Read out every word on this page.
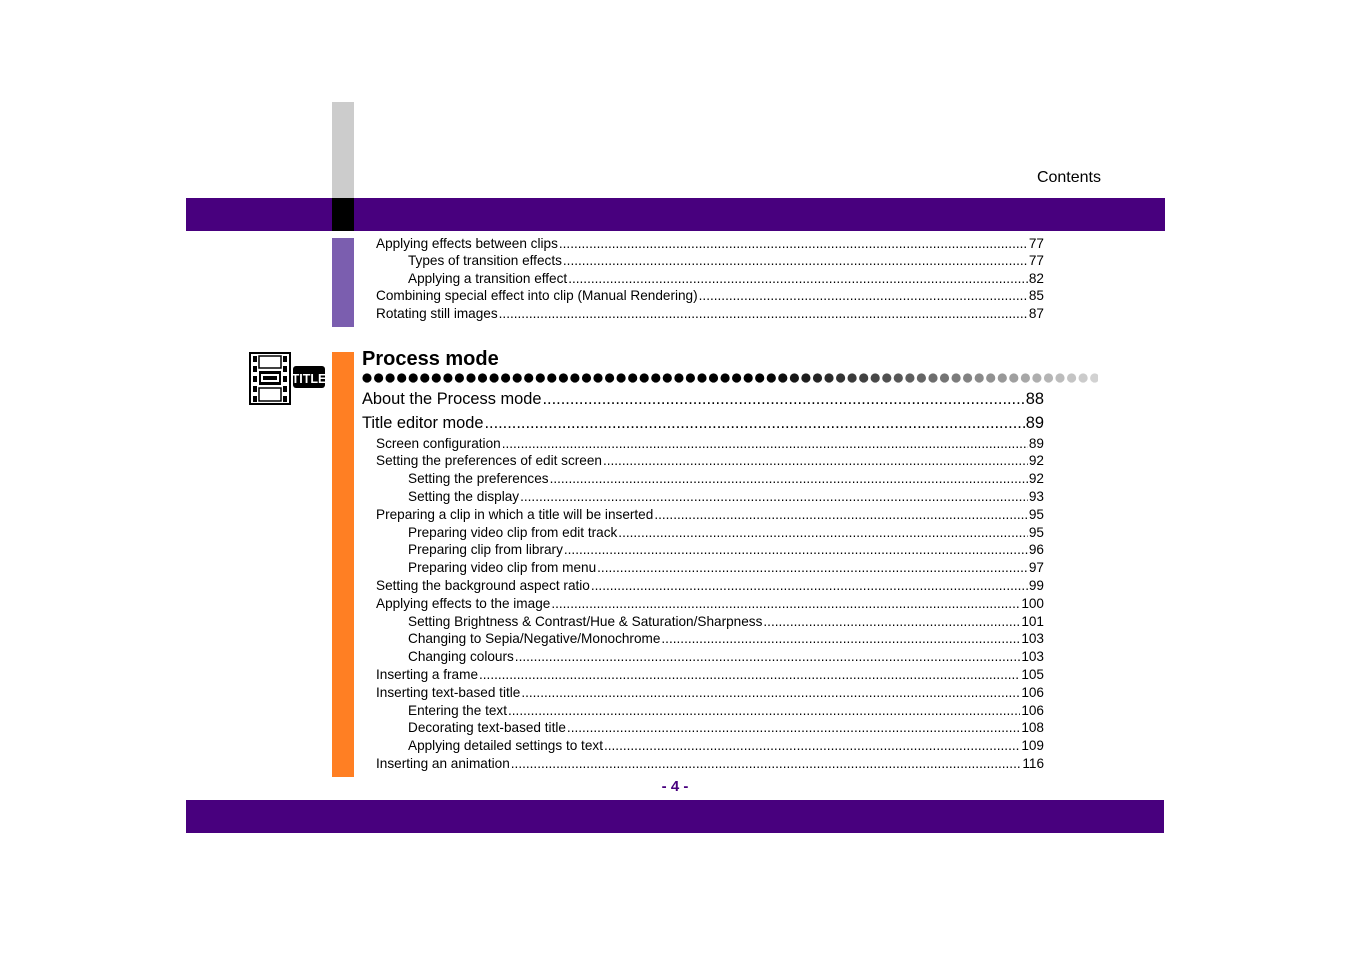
Contents
TITLE
Process mode
Applying effects between clips .....	77
Types of transition effects .....	77
Applying a transition effect .....	82
Combining special effect into clip (Manual Rendering) .....	85
Rotating still images .....	87
About the Process mode .....	88
Title editor mode .....	89
Screen configuration .....	89
Setting the preferences of edit screen .....	92
Setting the preferences .....	92
Setting the display .....	93
Preparing a clip in which a title will be inserted .....	95
Preparing video clip from edit track .....	95
Preparing clip from library .....	96
Preparing video clip from menu .....	97
Setting the background aspect ratio .....	99
Applying effects to the image .....	100
Setting Brightness & Contrast/Hue & Saturation/Sharpness .....	101
Changing to Sepia/Negative/Monochrome .....	103
Changing colours .....	103
Inserting a frame .....	105
Inserting text-based title .....	106
Entering the text .....	106
Decorating text-based title .....	108
Applying detailed settings to text .....	109
Inserting an animation .....	116
- 4 -
